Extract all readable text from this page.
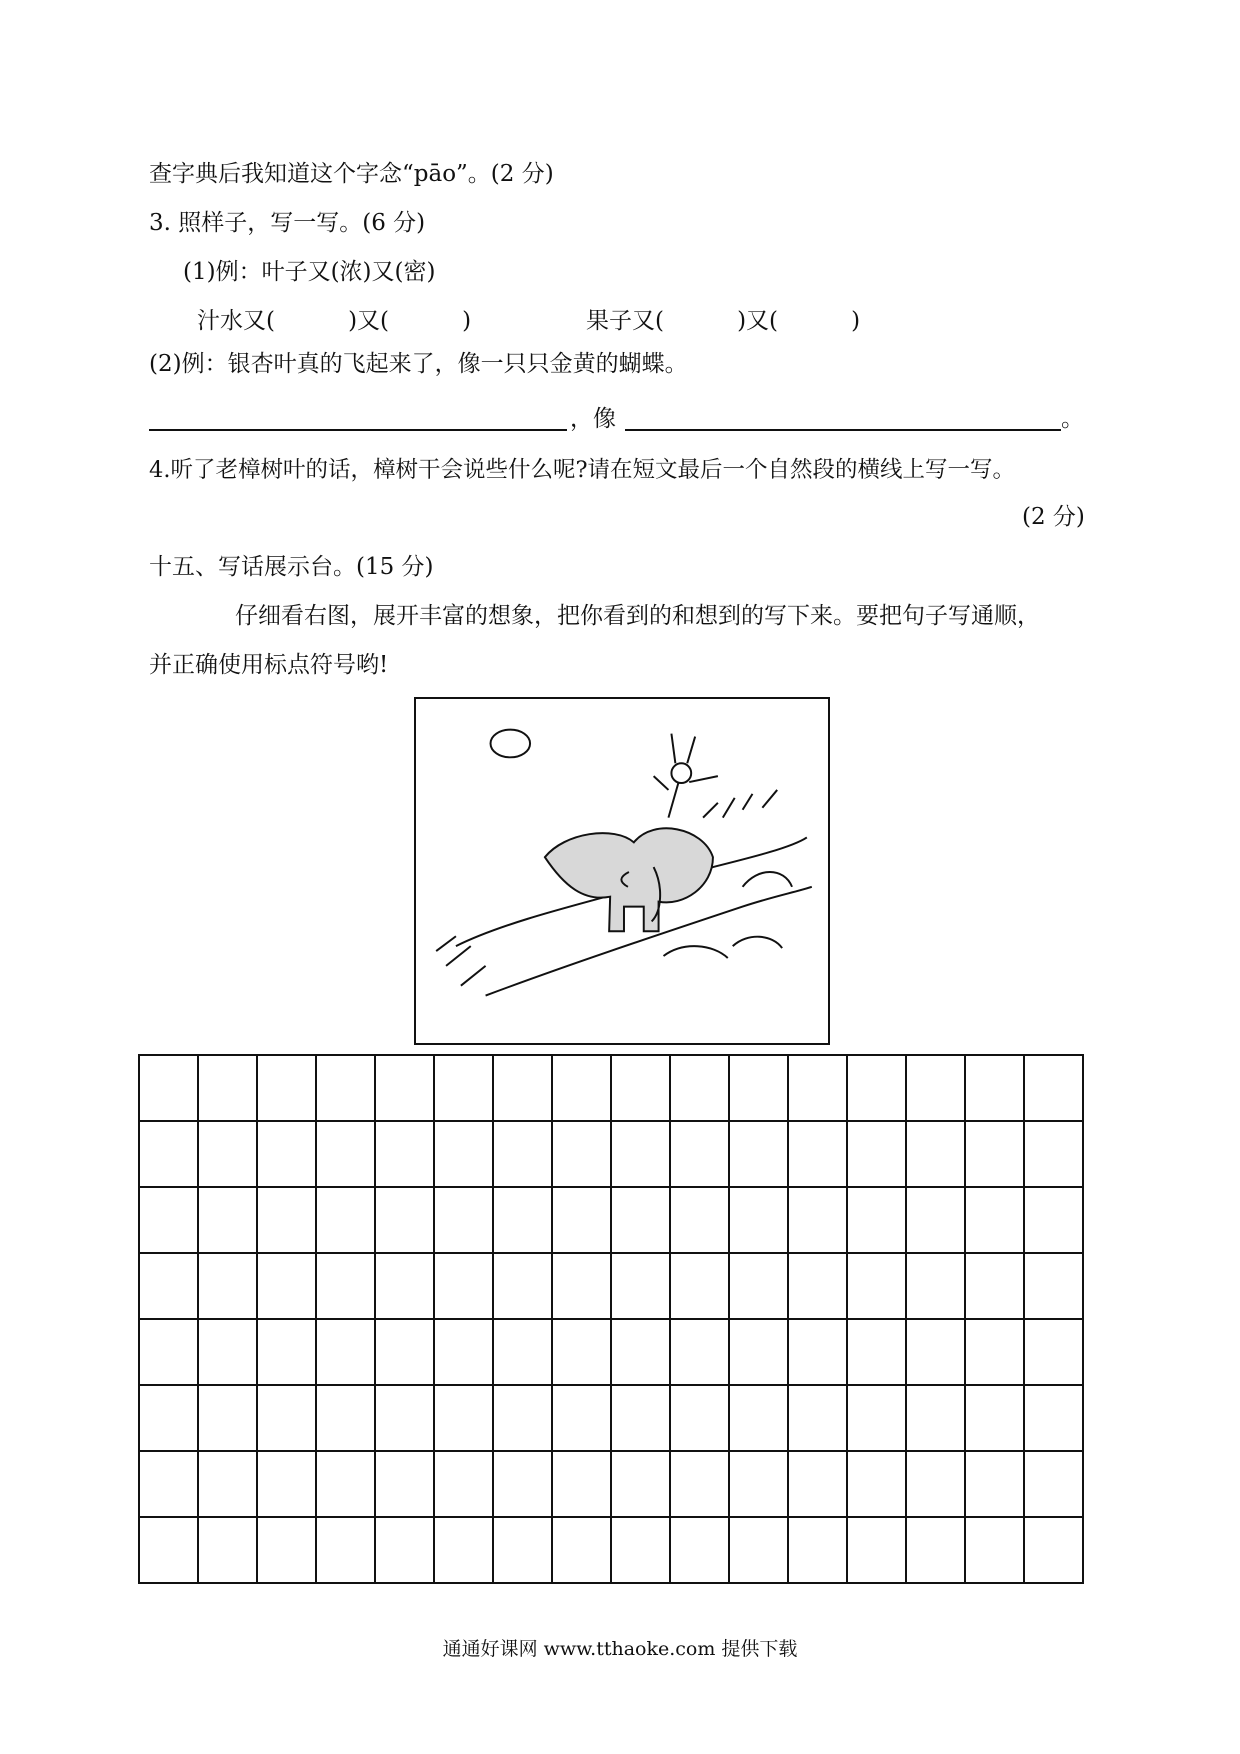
查字典后我知道这个字念“pāo”。(2 分)
3. 照样子，写一写。(6 分)
(1)例：叶子又(浓)又(密)
汁水又(          )又(          )	果子又(          )又(          )
(2)例：银杏叶真的飞起来了，像一只只金黄的蝴蝶。
，像	。
4.听了老樟树叶的话，樟树干会说些什么呢?请在短文最后一个自然段的横线上写一写。
(2 分)
十五、写话展示台。(15 分)
仔细看右图，展开丰富的想象，把你看到的和想到的写下来。要把句子写通顺，
并正确使用标点符号哟!

通通好课网 www.tthaoke.com 提供下载
